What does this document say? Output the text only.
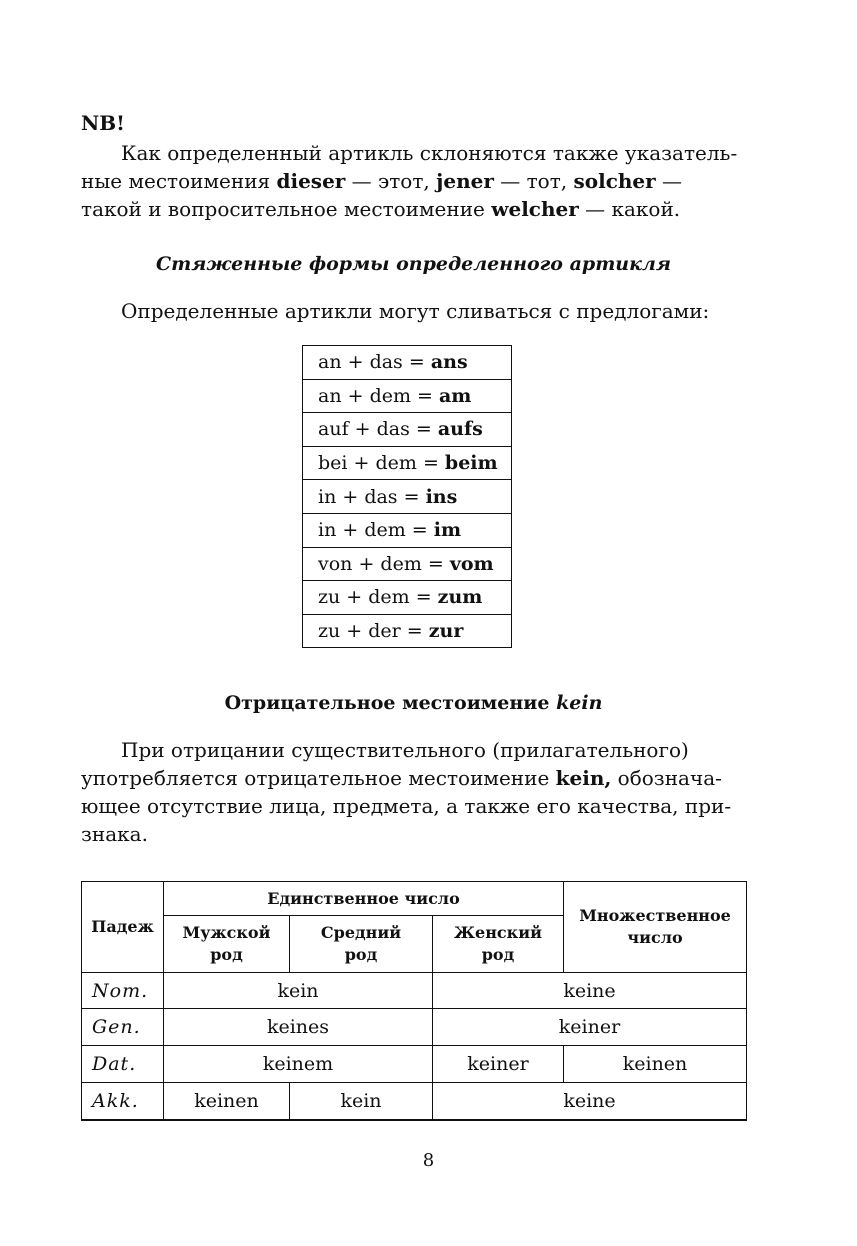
NB!
Как определенный артикль склоняются также указатель-ные местоимения dieser — этот, jener — тот, solcher — такой и вопросительное местоимение welcher — какой.
Стяженные формы определенного артикля
Определенные артикли могут сливаться с предлогами:
an + das = ans
an + dem = am
auf + das = aufs
bei + dem = beim
in + das = ins
in + dem = im
von + dem = vom
zu + dem = zum
zu + der = zur
Отрицательное местоимение kein
При отрицании существительного (прилагательного) употребляется отрицательное местоимение kein, обознача-ющее отсутствие лица, предмета, а также его качества, при-знака.
Падеж	Единственное число			Множественное число
	Мужской род	Средний род	Женский род	
Nom.	kein		keine	
Gen.	keines		keiner	
Dat.	keinem		keiner	keinen
Akk.	keinen	kein	keine	
8
